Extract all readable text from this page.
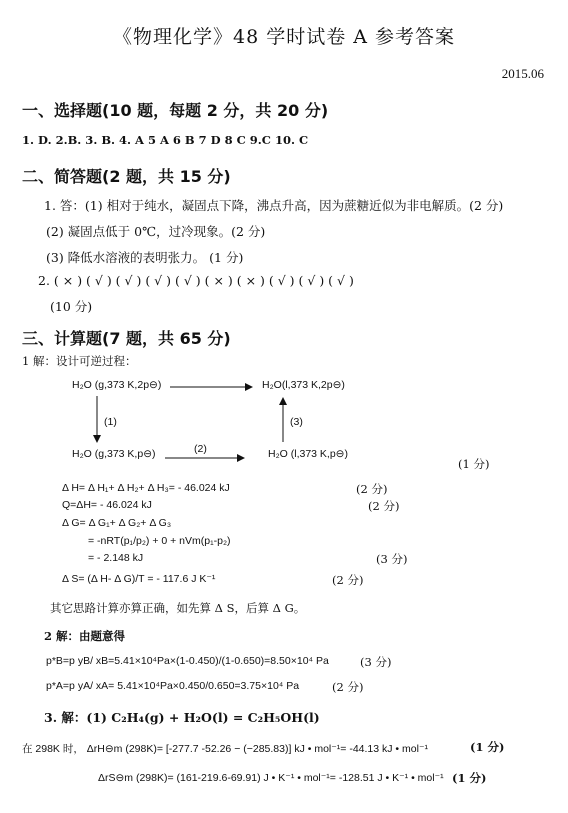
《物理化学》48 学时试卷 A 参考答案
2015.06
一、选择题(10 题，每题 2 分，共 20 分)
1. D. 2.B. 3. B. 4. A 5 A 6 B 7 D 8 C 9.C 10. C
二、简答题(2 题，共 15 分)
1. 答：(1) 相对于纯水，凝固点下降，沸点升高，因为蔗糖近似为非电解质。(2 分)
(2) 凝固点低于 0℃，过冷现象。(2 分)
(3) 降低水溶液的表明张力。 (1 分)
2. ( × ) ( √ ) ( √ ) ( √ ) ( √ ) ( × ) ( × ) ( √ ) ( √ ) ( √ )
(10 分)
三、计算题(7 题，共 65 分)
1 解：设计可逆过程：
H₂O (g,373 K,2p⊖)	H₂O(l,373 K,2p⊖)
H₂O (g,373 K,p⊖)	H₂O (l,373 K,p⊖)
(1)
(2)
(3)
(1 分)
Δ H= Δ H₁+ Δ H₂+ Δ H₃= - 46.024 kJ	(2 分)
Q=ΔH= - 46.024 kJ	(2 分)
Δ G= Δ G₁+ Δ G₂+ Δ G₃
= -nRT(p₁/p₂) + 0 + nVm(p₁-p₂)
= - 2.148 kJ	(3 分)
Δ S= (Δ H- Δ G)/T = - 117.6 J K⁻¹	(2 分)
其它思路计算亦算正确，如先算 Δ S，后算 Δ G。
2 解：由题意得
p*B=p yB/ xB=5.41×10⁴Pa×(1-0.450)/(1-0.650)=8.50×10⁴ Pa	(3 分)
p*A=p yA/ xA= 5.41×10⁴Pa×0.450/0.650=3.75×10⁴ Pa	(2 分)
3. 解：(1) C₂H₄(g) + H₂O(l) = C₂H₅OH(l)
在 298K 时， ΔrH⊖m (298K)= [-277.7 -52.26 − (−285.83)] kJ • mol⁻¹= -44.13 kJ • mol⁻¹	(1 分)
ΔrS⊖m (298K)= (161-219.6-69.91) J • K⁻¹ • mol⁻¹= -128.51 J • K⁻¹ • mol⁻¹ (1 分)
